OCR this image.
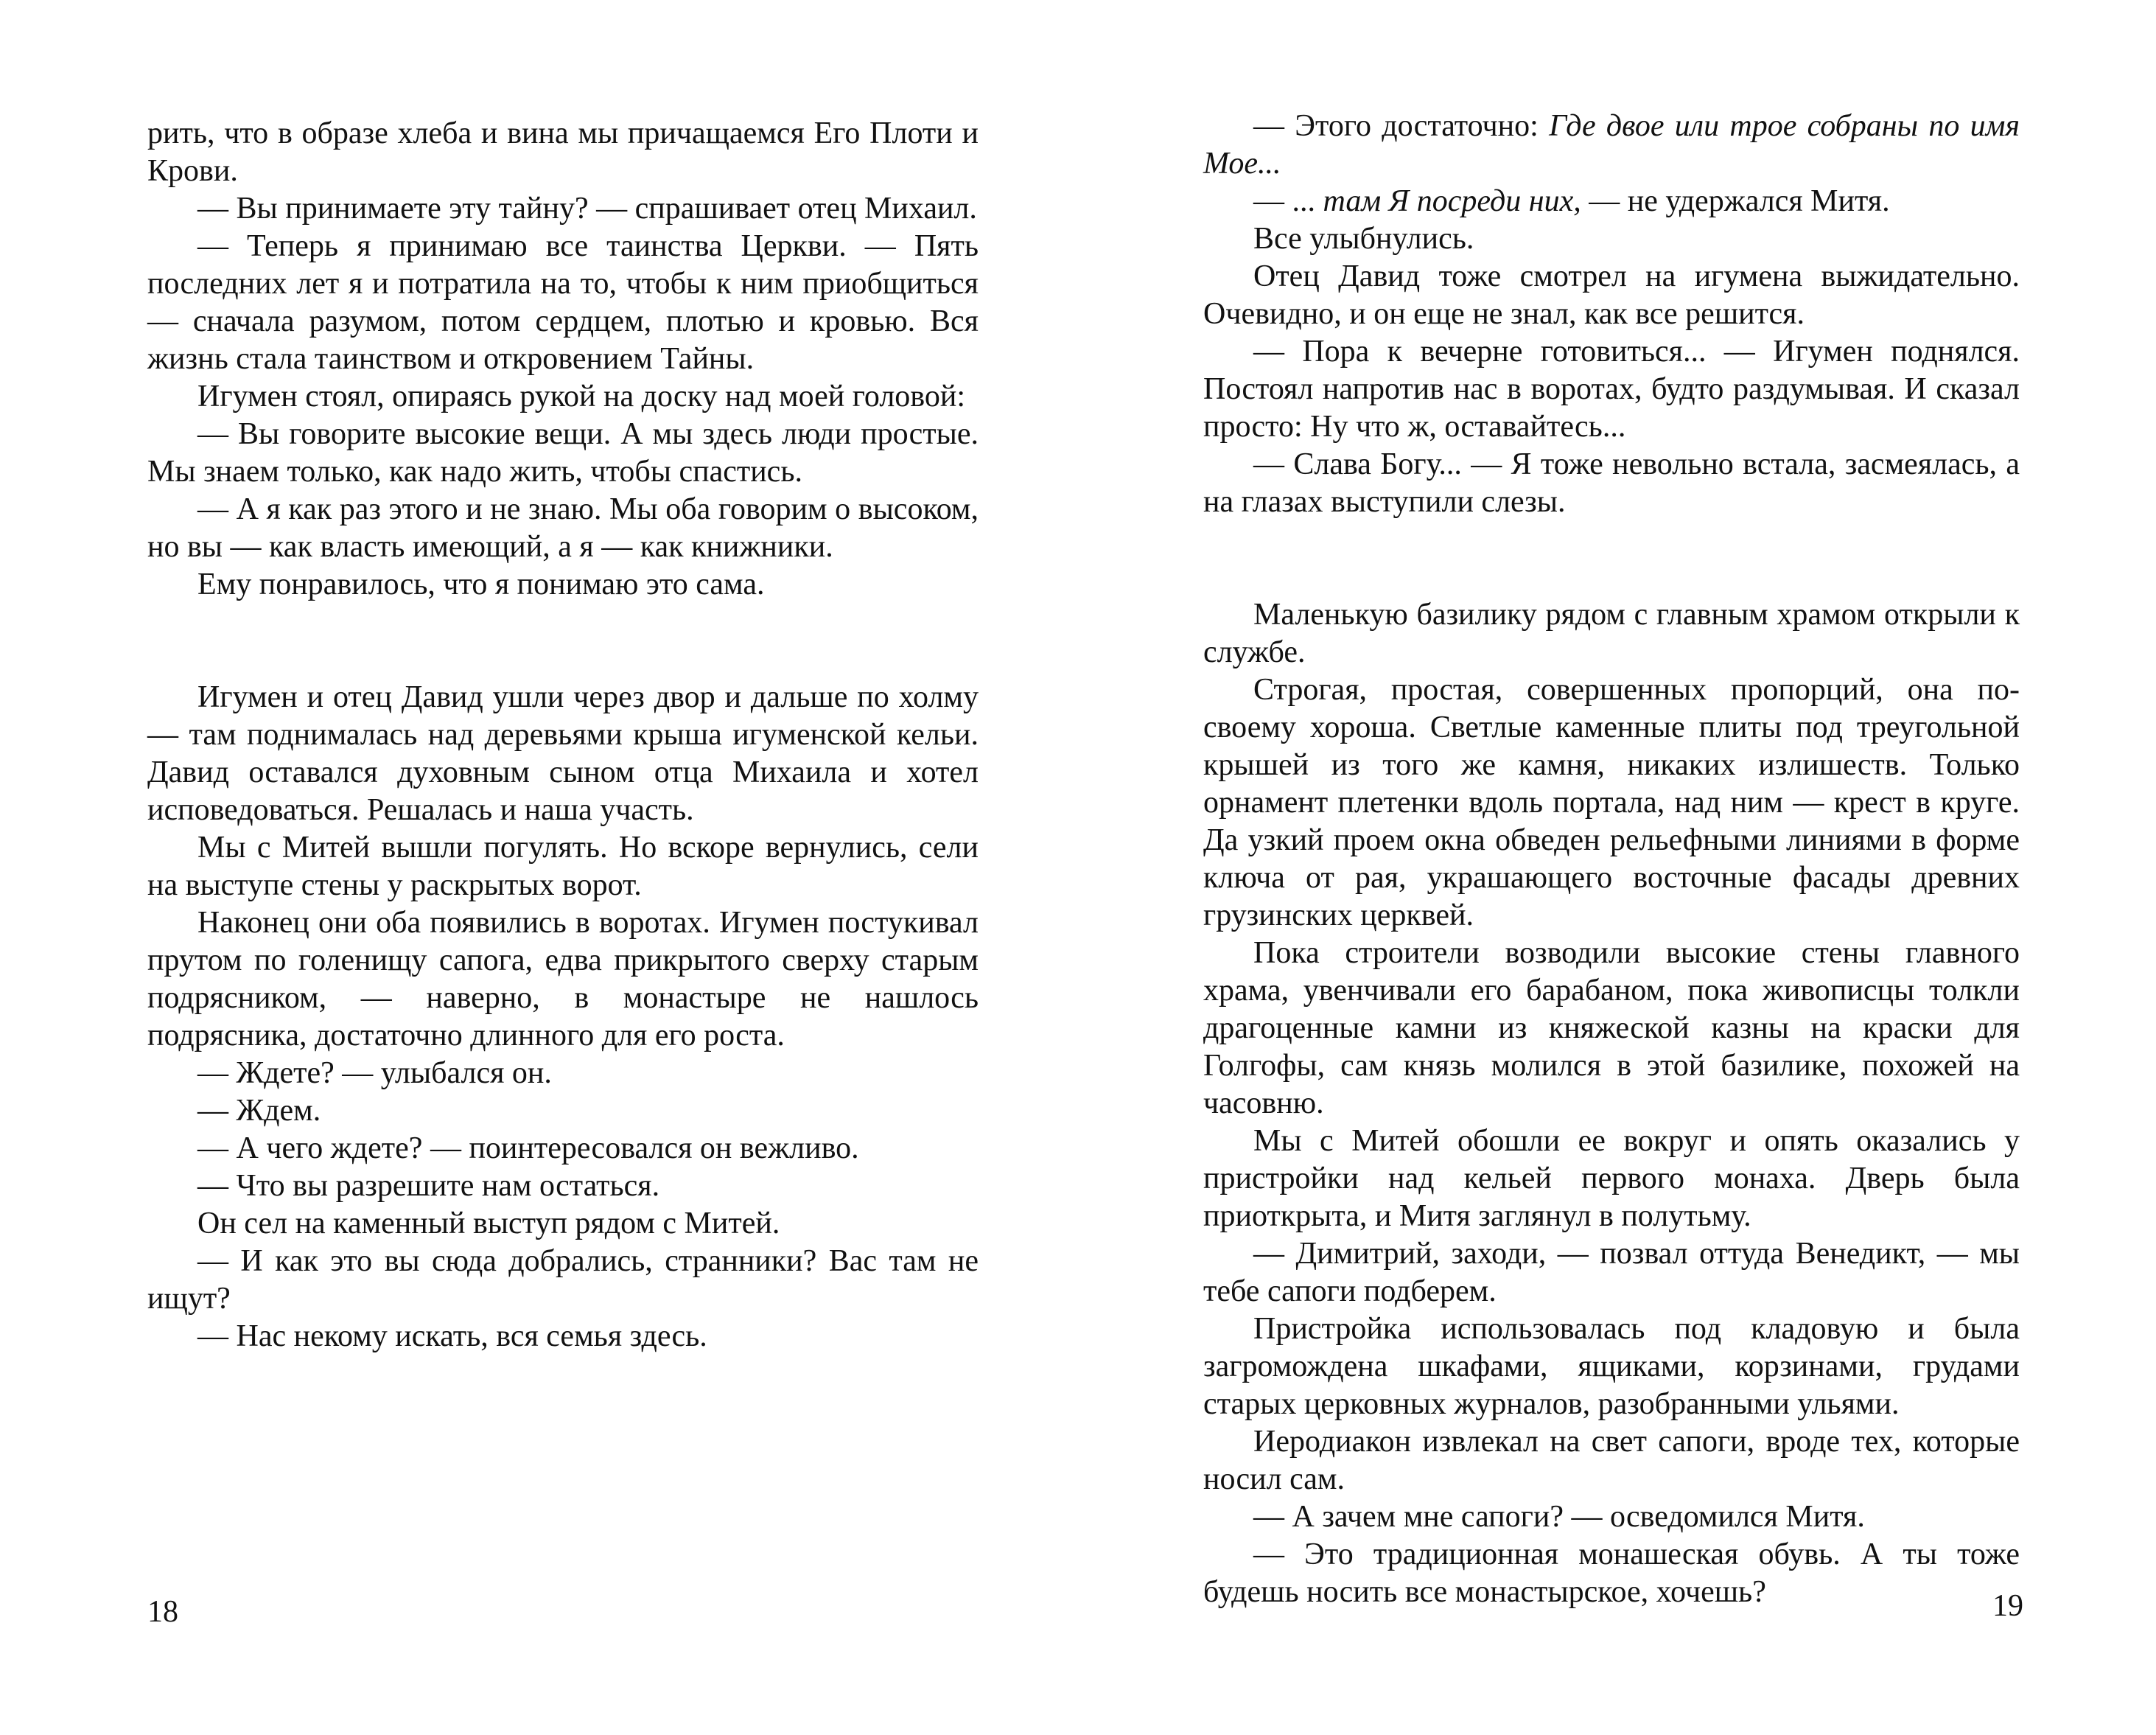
рить, что в образе хлеба и вина мы причащаемся Его Плоти и Крови.

— Вы принимаете эту тайну? — спрашивает отец Михаил.

— Теперь я принимаю все таинства Церкви. — Пять последних лет я и потратила на то, чтобы к ним приобщиться — сначала разумом, потом сердцем, плотью и кровью. Вся жизнь стала таинством и откровением Тайны.

Игумен стоял, опираясь рукой на доску над моей головой:

— Вы говорите высокие вещи. А мы здесь люди простые. Мы знаем только, как надо жить, чтобы спастись.

— А я как раз этого и не знаю. Мы оба говорим о высоком, но вы — как власть имеющий, а я — как книжники.

Ему понравилось, что я понимаю это сама.

Игумен и отец Давид ушли через двор и дальше по холму — там поднималась над деревьями крыша игуменской кельи. Давид оставался духовным сыном отца Михаила и хотел исповедоваться. Решалась и наша участь.

Мы с Митей вышли погулять. Но вскоре вернулись, сели на выступе стены у раскрытых ворот.

Наконец они оба появились в воротах. Игумен постукивал прутом по голенищу сапога, едва прикрытого сверху старым подрясником, — наверно, в монастыре не нашлось подрясника, достаточно длинного для его роста.

— Ждете? — улыбался он.

— Ждем.

— А чего ждете? — поинтересовался он вежливо.

— Что вы разрешите нам остаться.

Он сел на каменный выступ рядом с Митей.

— И как это вы сюда добрались, странники? Вас там не ищут?

— Нас некому искать, вся семья здесь.

18

— Этого достаточно: Где двое или трое собраны по имя Мое...

— ... там Я посреди них, — не удержался Митя.

Все улыбнулись.

Отец Давид тоже смотрел на игумена выжидательно. Очевидно, и он еще не знал, как все решится.

— Пора к вечерне готовиться... — Игумен поднялся. Постоял напротив нас в воротах, будто раздумывая. И сказал просто: Ну что ж, оставайтесь...

— Слава Богу... — Я тоже невольно встала, засмеялась, а на глазах выступили слезы.

Маленькую базилику рядом с главным храмом открыли к службе.

Строгая, простая, совершенных пропорций, она по-своему хороша. Светлые каменные плиты под треугольной крышей из того же камня, никаких излишеств. Только орнамент плетенки вдоль портала, над ним — крест в круге. Да узкий проем окна обведен рельефными линиями в форме ключа от рая, украшающего восточные фасады древних грузинских церквей.

Пока строители возводили высокие стены главного храма, увенчивали его барабаном, пока живописцы толкли драгоценные камни из княжеской казны на краски для Голгофы, сам князь молился в этой базилике, похожей на часовню.

Мы с Митей обошли ее вокруг и опять оказались у пристройки над кельей первого монаха. Дверь была приоткрыта, и Митя заглянул в полутьму.

— Димитрий, заходи, — позвал оттуда Венедикт, — мы тебе сапоги подберем.

Пристройка использовалась под кладовую и была загромождена шкафами, ящиками, корзинами, грудами старых церковных журналов, разобранными ульями.

Иеродиакон извлекал на свет сапоги, вроде тех, которые носил сам.

— А зачем мне сапоги? — осведомился Митя.

— Это традиционная монашеская обувь. А ты тоже будешь носить все монастырское, хочешь?	19
